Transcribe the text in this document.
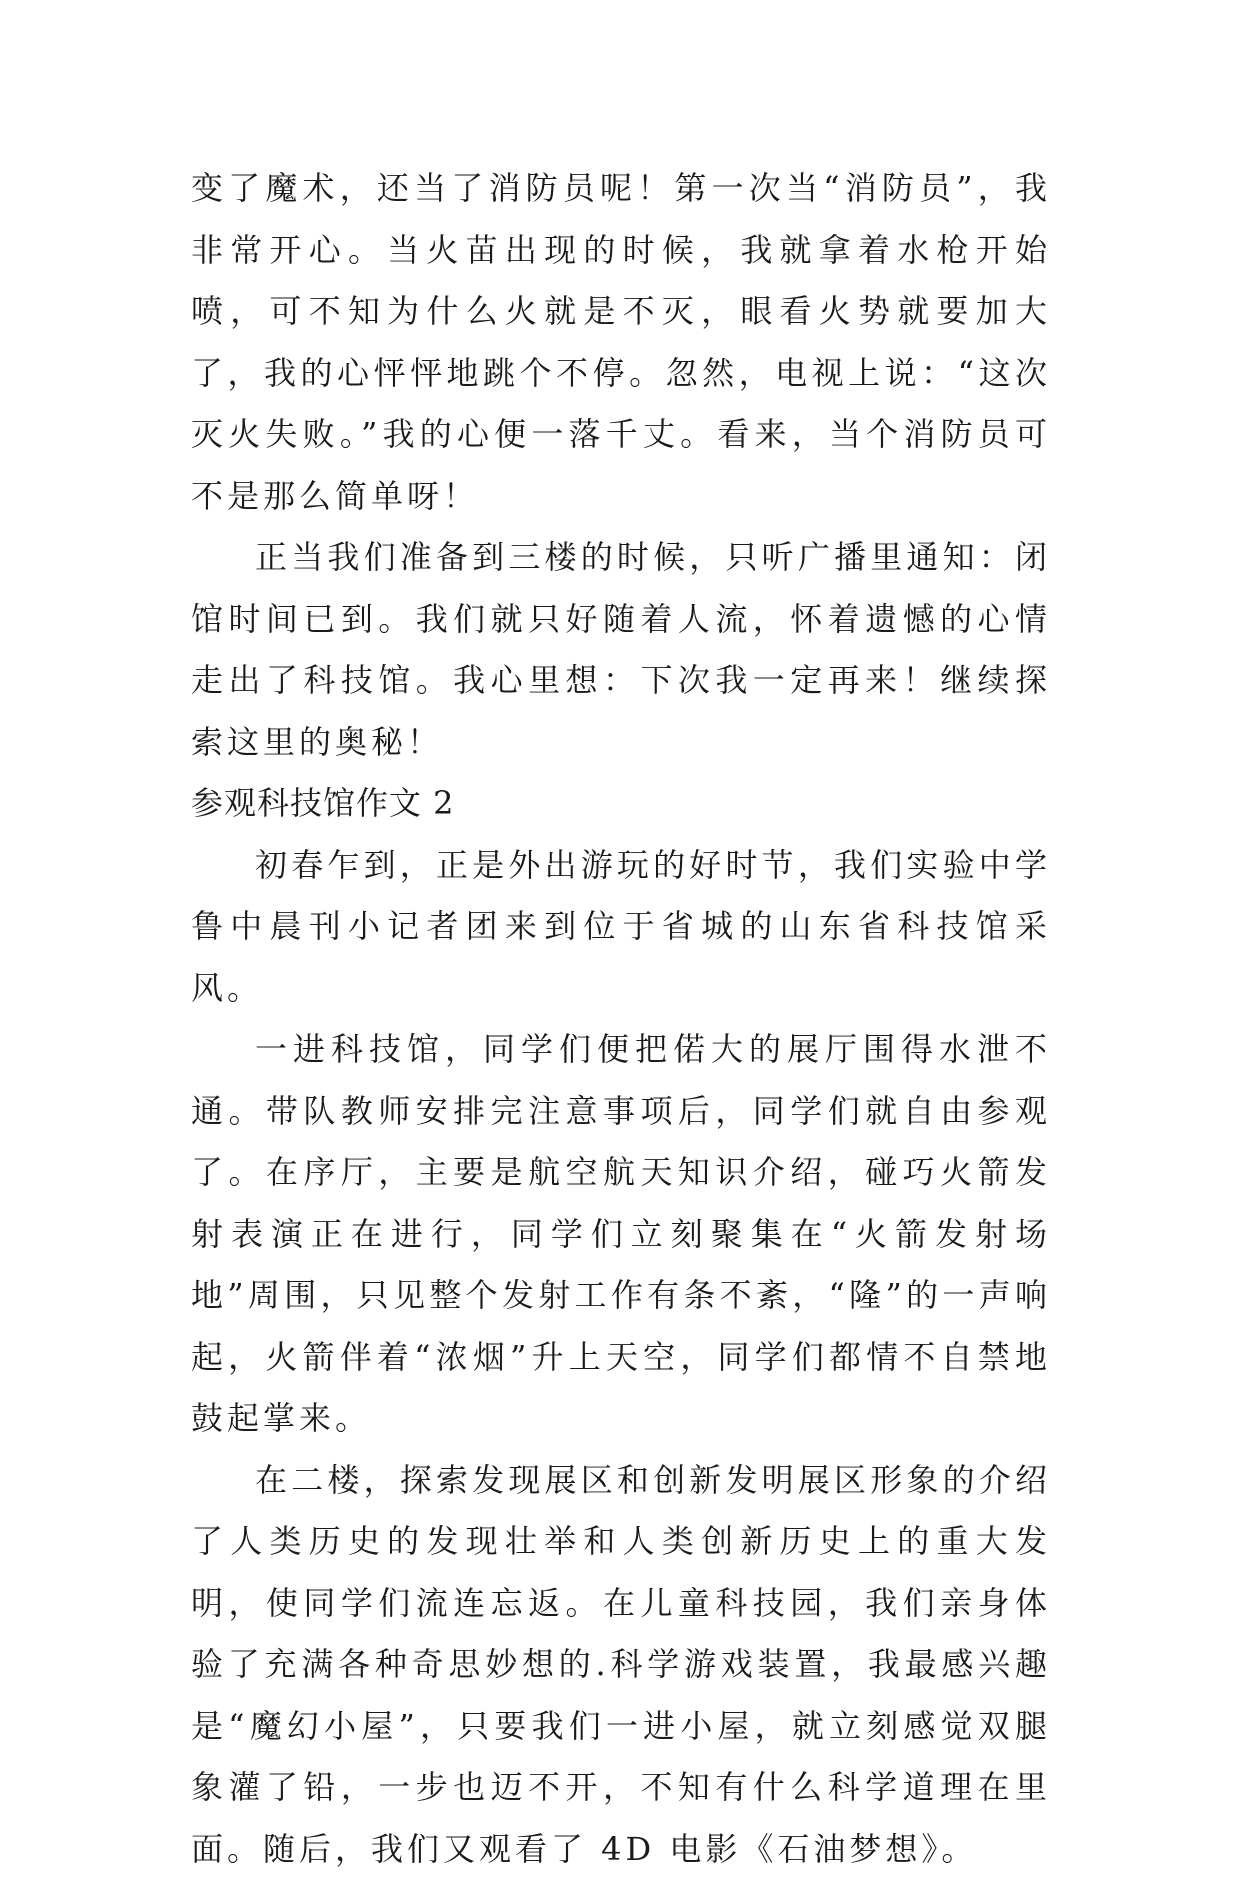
变了魔术，还当了消防员呢！第一次当“消防员”，我非常开心。当火苗出现的时候，我就拿着水枪开始喷，可不知为什么火就是不灭，眼看火势就要加大了，我的心怦怦地跳个不停。忽然，电视上说：“这次灭火失败。”我的心便一落千丈。看来，当个消防员可不是那么简单呀！

正当我们准备到三楼的时候，只听广播里通知：闭馆时间已到。我们就只好随着人流，怀着遗憾的心情走出了科技馆。我心里想：下次我一定再来！继续探索这里的奥秘！

参观科技馆作文 2

初春乍到，正是外出游玩的好时节，我们实验中学鲁中晨刊小记者团来到位于省城的山东省科技馆采风。

一进科技馆，同学们便把偌大的展厅围得水泄不通。带队教师安排完注意事项后，同学们就自由参观了。在序厅，主要是航空航天知识介绍，碰巧火箭发射表演正在进行，同学们立刻聚集在“火箭发射场地”周围，只见整个发射工作有条不紊，“隆”的一声响起，火箭伴着“浓烟”升上天空，同学们都情不自禁地鼓起掌来。

在二楼，探索发现展区和创新发明展区形象的介绍了人类历史的发现壮举和人类创新历史上的重大发明，使同学们流连忘返。在儿童科技园，我们亲身体验了充满各种奇思妙想的.科学游戏装置，我最感兴趣是“魔幻小屋”，只要我们一进小屋，就立刻感觉双腿象灌了铅，一步也迈不开，不知有什么科学道理在里面。随后，我们又观看了 4D 电影《石油梦想》。
